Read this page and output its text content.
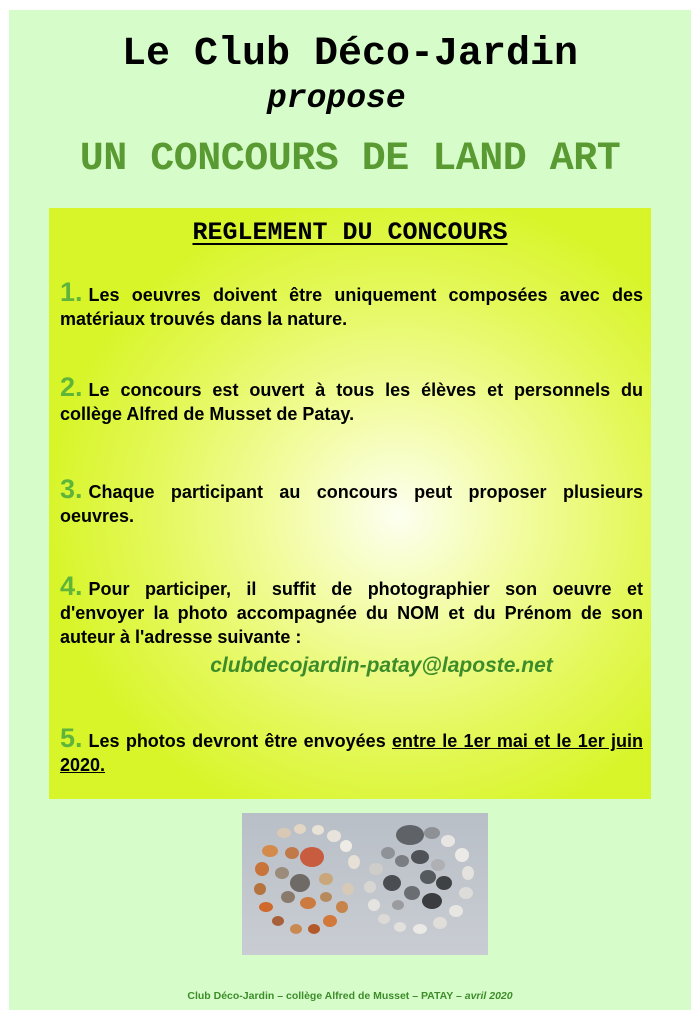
Le Club Déco-Jardin
propose
UN CONCOURS DE LAND ART
REGLEMENT DU CONCOURS
1. Les oeuvres doivent être uniquement composées avec des matériaux trouvés dans la nature.
2. Le concours est ouvert à tous les élèves et personnels du collège Alfred de Musset de Patay.
3. Chaque participant au concours peut proposer plusieurs oeuvres.
4. Pour participer, il suffit de photographier son oeuvre et d'envoyer la photo accompagnée du NOM et du Prénom de son auteur à l'adresse suivante :
clubdecojardin-patay@laposte.net
5. Les photos devront être envoyées entre le 1er mai et le 1er juin 2020.
Club Déco-Jardin – collège Alfred de Musset – PATAY – avril 2020
